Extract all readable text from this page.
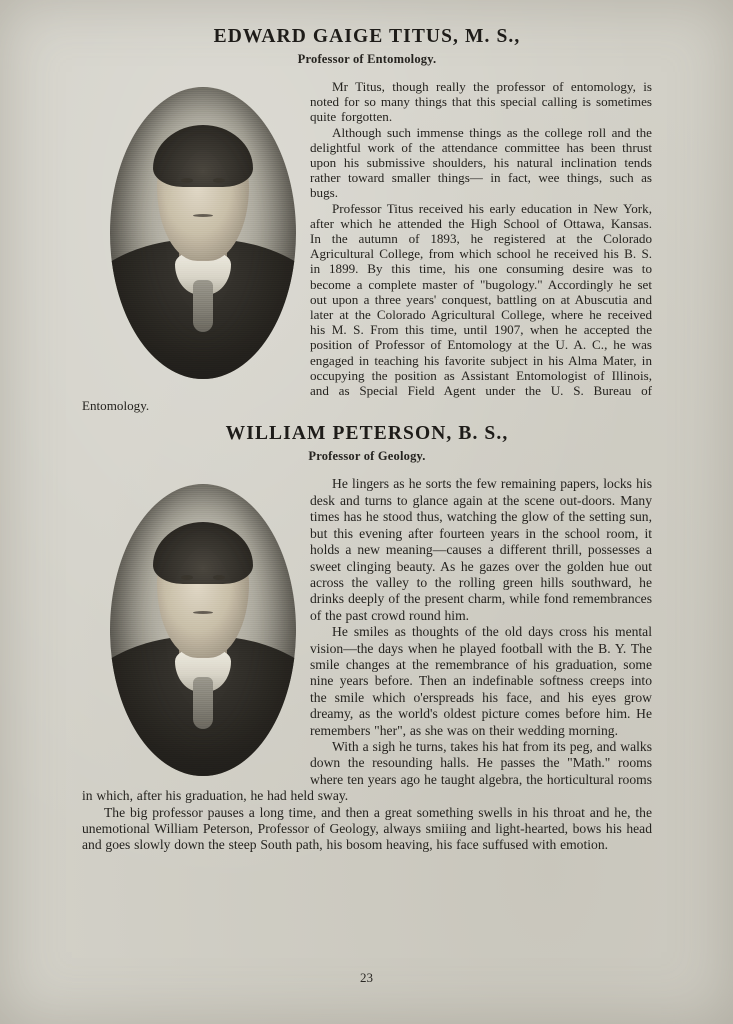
EDWARD GAIGE TITUS, M. S.,
Professor of Entomology.

Mr Titus, though really the professor of entomology, is noted for so many things that this special calling is sometimes quite forgotten.

Although such immense things as the college roll and the delightful work of the attendance committee has been thrust upon his submissive shoulders, his natural inclination tends rather toward smaller things— in fact, wee things, such as bugs.

Professor Titus received his early education in New York, after which he attended the High School of Ottawa, Kansas. In the autumn of 1893, he registered at the Colorado Agricultural College, from which school he received his B. S. in 1899. By this time, his one consuming desire was to become a complete master of "bugology." Accordingly he set out upon a three years' conquest, battling on at Abuscutia and later at the Colorado Agricultural College, where he received his M. S. From this time, until 1907, when he accepted the position of Professor of Entomology at the U. A. C., he was engaged in teaching his favorite subject in his Alma Mater, in occupying the position as Assistant Entomologist of Illinois, and as Special Field Agent under the U. S. Bureau of Entomology.

WILLIAM PETERSON, B. S.,
Professor of Geology.

He lingers as he sorts the few remaining papers, locks his desk and turns to glance again at the scene out-doors. Many times has he stood thus, watching the glow of the setting sun, but this evening after fourteen years in the school room, it holds a new meaning—causes a different thrill, possesses a sweet clinging beauty. As he gazes over the golden hue out across the valley to the rolling green hills southward, he drinks deeply of the present charm, while fond remembrances of the past crowd round him.

He smiles as thoughts of the old days cross his mental vision—the days when he played football with the B. Y. The smile changes at the remembrance of his graduation, some nine years before. Then an indefinable softness creeps into the smile which o'erspreads his face, and his eyes grow dreamy, as the world's oldest picture comes before him. He remembers "her", as she was on their wedding morning.

With a sigh he turns, takes his hat from its peg, and walks down the resounding halls. He passes the "Math." rooms where ten years ago he taught algebra, the horticultural rooms in which, after his graduation, he had held sway.

The big professor pauses a long time, and then a great something swells in his throat and he, the unemotional William Peterson, Professor of Geology, always smiiing and light-hearted, bows his head and goes slowly down the steep South path, his bosom heaving, his face suffused with emotion.

23
